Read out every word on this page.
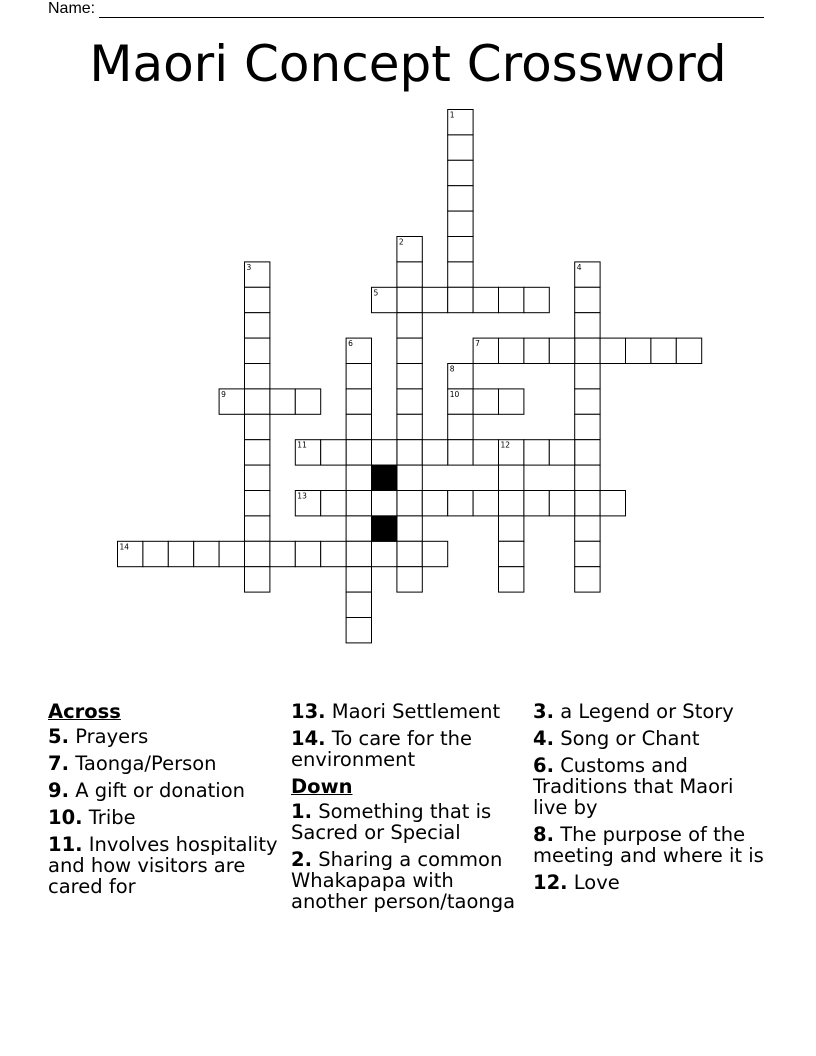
Name:
Maori Concept Crossword
1
2
3	4
5
6	7
8
9	10
11	12
13
14
Across
5. Prayers
7. Taonga/Person
9. A gift or donation
10. Tribe
11. Involves hospitality and how visitors are cared for
13. Maori Settlement
14. To care for the environment
Down
1. Something that is Sacred or Special
2. Sharing a common Whakapapa with another person/taonga
3. a Legend or Story
4. Song or Chant
6. Customs and Traditions that Maori live by
8. The purpose of the meeting and where it is
12. Love
